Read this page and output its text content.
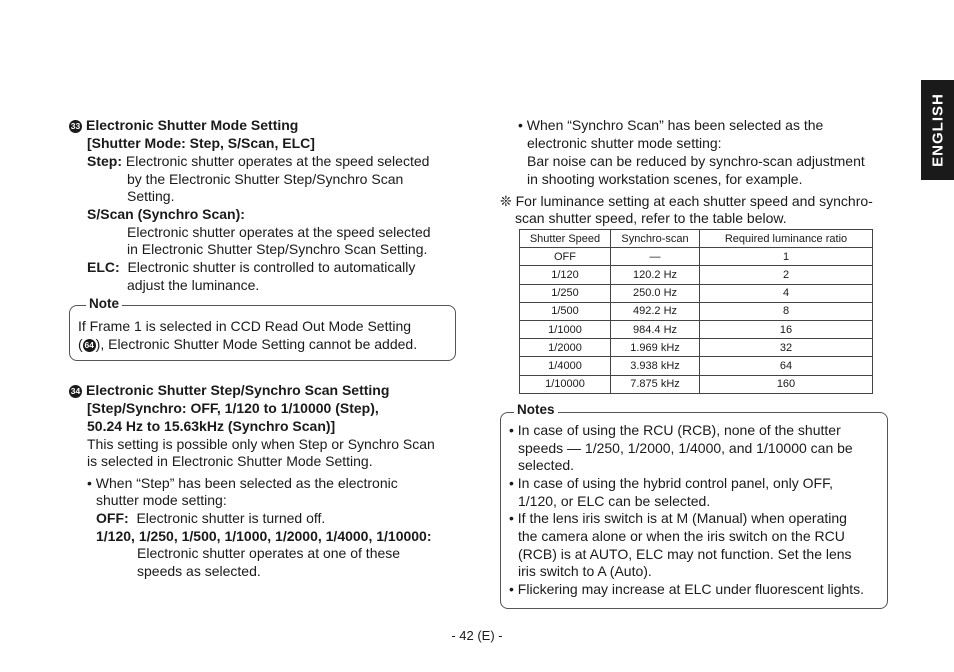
ENGLISH
33 Electronic Shutter Mode Setting
[Shutter Mode: Step, S/Scan, ELC]
Step: Electronic shutter operates at the speed selected
by the Electronic Shutter Step/Synchro Scan
Setting.
S/Scan (Synchro Scan):
Electronic shutter operates at the speed selected
in Electronic Shutter Step/Synchro Scan Setting.
ELC: Electronic shutter is controlled to automatically
adjust the luminance.
Note
If Frame 1 is selected in CCD Read Out Mode Setting
( 64 ), Electronic Shutter Mode Setting cannot be added.
34 Electronic Shutter Step/Synchro Scan Setting
[Step/Synchro: OFF, 1/120 to 1/10000 (Step),
50.24 Hz to 15.63kHz (Synchro Scan)]
This setting is possible only when Step or Synchro Scan
is selected in Electronic Shutter Mode Setting.
• When “Step” has been selected as the electronic
shutter mode setting:
OFF: Electronic shutter is turned off.
1/120, 1/250, 1/500, 1/1000, 1/2000, 1/4000, 1/10000:
Electronic shutter operates at one of these
speeds as selected.
• When “Synchro Scan” has been selected as the
electronic shutter mode setting:
Bar noise can be reduced by synchro-scan adjustment
in shooting workstation scenes, for example.
❊ For luminance setting at each shutter speed and synchro-
scan shutter speed, refer to the table below.
Shutter Speed	Synchro-scan	Required luminance ratio
OFF	—	1
1/120	120.2 Hz	2
1/250	250.0 Hz	4
1/500	492.2 Hz	8
1/1000	984.4 Hz	16
1/2000	1.969 kHz	32
1/4000	3.938 kHz	64
1/10000	7.875 kHz	160
Notes
• In case of using the RCU (RCB), none of the shutter
speeds — 1/250, 1/2000, 1/4000, and 1/10000 can be
selected.
• In case of using the hybrid control panel, only OFF,
1/120, or ELC can be selected.
• If the lens iris switch is at M (Manual) when operating
the camera alone or when the iris switch on the RCU
(RCB) is at AUTO, ELC may not function. Set the lens
iris switch to A (Auto).
• Flickering may increase at ELC under fluorescent lights.
- 42 (E) -
